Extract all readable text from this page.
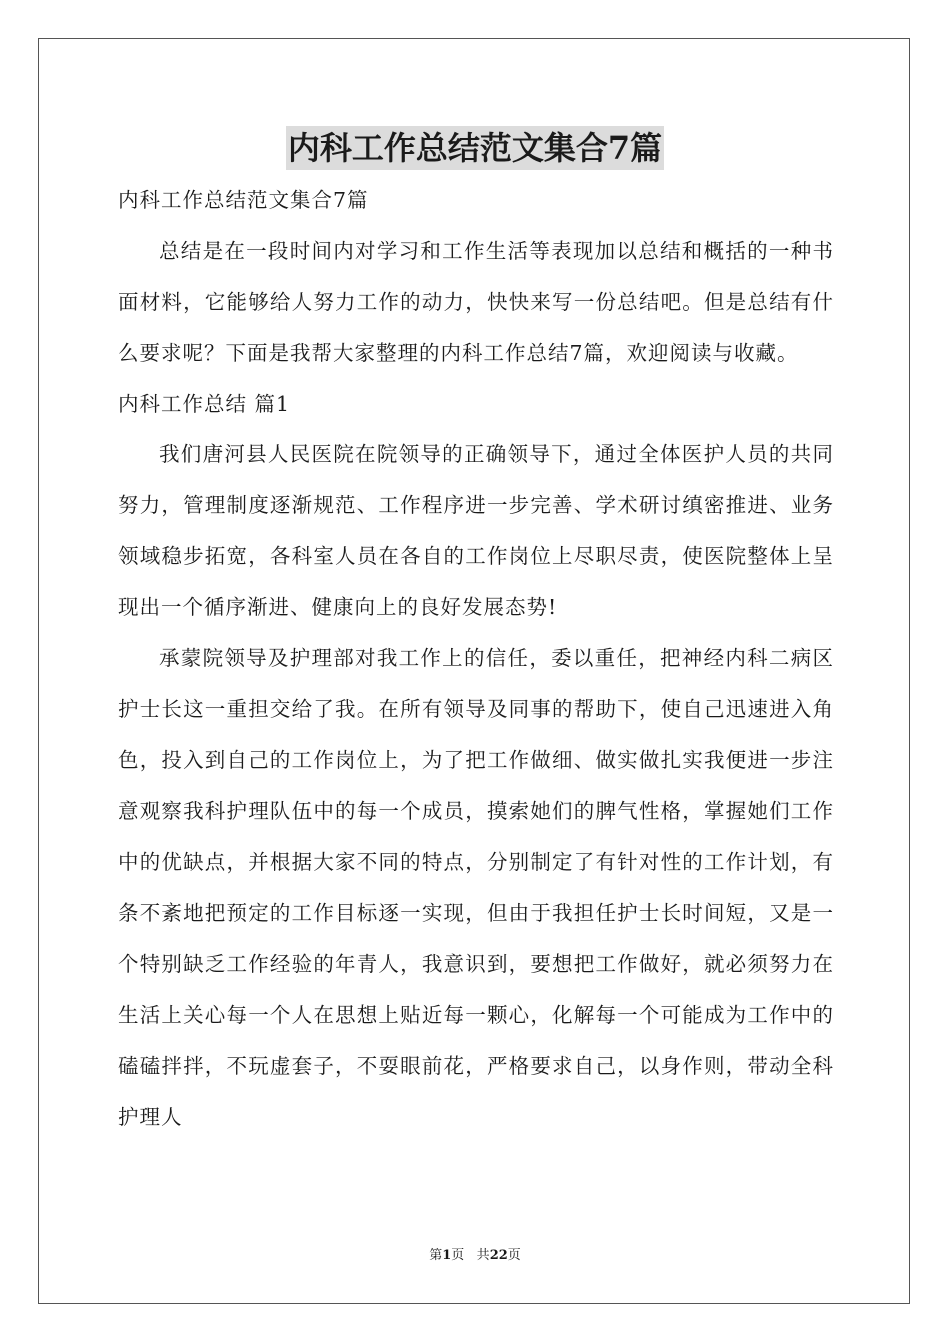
内科工作总结范文集合7篇
内科工作总结范文集合7篇

总结是在一段时间内对学习和工作生活等表现加以总结和概括的一种书面材料，它能够给人努力工作的动力，快快来写一份总结吧。但是总结有什么要求呢？下面是我帮大家整理的内科工作总结7篇，欢迎阅读与收藏。

内科工作总结 篇1

我们唐河县人民医院在院领导的正确领导下，通过全体医护人员的共同努力，管理制度逐渐规范、工作程序进一步完善、学术研讨缜密推进、业务领域稳步拓宽，各科室人员在各自的工作岗位上尽职尽责，使医院整体上呈现出一个循序渐进、健康向上的良好发展态势!

承蒙院领导及护理部对我工作上的信任，委以重任，把神经内科二病区护士长这一重担交给了我。在所有领导及同事的帮助下，使自己迅速进入角色，投入到自己的工作岗位上，为了把工作做细、做实做扎实我便进一步注意观察我科护理队伍中的每一个成员，摸索她们的脾气性格，掌握她们工作中的优缺点，并根据大家不同的特点，分别制定了有针对性的工作计划，有条不紊地把预定的工作目标逐一实现，但由于我担任护士长时间短，又是一个特别缺乏工作经验的年青人，我意识到，要想把工作做好，就必须努力在生活上关心每一个人在思想上贴近每一颗心，化解每一个可能成为工作中的磕磕拌拌，不玩虚套子，不耍眼前花，严格要求自己，以身作则，带动全科护理人

第1页 共22页
